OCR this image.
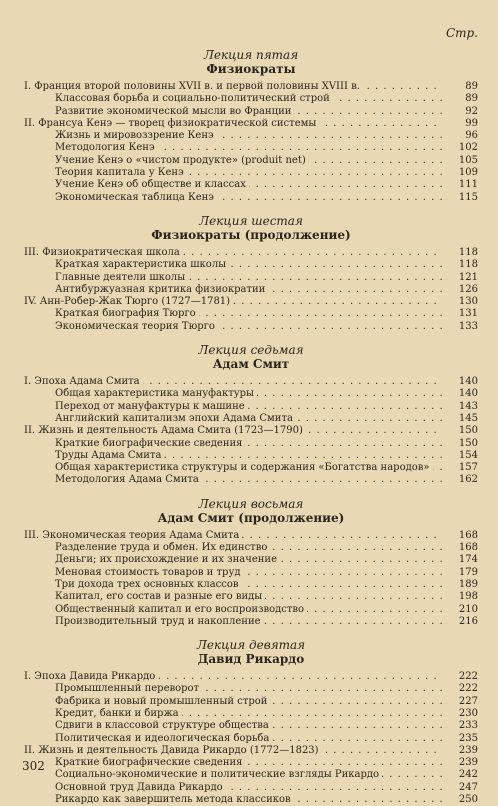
Стр.
Лекция пятая
Физиократы
I. Франция второй половины XVII в. и первой половины XVIII в. . . .	89
Классовая борьба и социально-политический строй . . .	89
Развитие экономической мысли во Франции . . .	92
II. Франсуа Кенэ — творец физиократической системы . . .	99
Жизнь и мировоззрение Кенэ . . .	96
Методология Кенэ . . .	102
Учение Кенэ о «чистом продукте» (produit net) . . .	105
Теория капитала у Кенэ . . .	109
Учение Кенэ об обществе и классах . . .	111
Экономическая таблица Кенэ . . .	115
Лекция шестая
Физиократы (продолжение)
III. Физиократическая школа . . .	118
Краткая характеристика школы . . .	118
Главные деятели школы . . .	121
Антибуржуазная критика физиократии . . .	126
IV. Анн-Робер-Жак Тюрго (1727—1781) . . .	130
Краткая биография Тюрго . . .	131
Экономическая теория Тюрго . . .	133
Лекция седьмая
Адам Смит
I. Эпоха Адама Смита . . .	140
Общая характеристика мануфактуры . . .	140
Переход от мануфактуры к машине . . .	143
Английский капитализм эпохи Адама Смита . . .	145
II. Жизнь и деятельность Адама Смита (1723—1790) . . .	150
Краткие биографические сведения . . .	150
Труды Адама Смита . . .	154
Общая характеристика структуры и содержания «Богатства народов» . . .	157
Методология Адама Смита . . .	162
Лекция восьмая
Адам Смит (продолжение)
III. Экономическая теория Адама Смита . . .	168
Разделение труда и обмен. Их единство . . .	168
Деньги; их происхождение и их значение . . .	174
Меновая стоимость товаров и труд . . .	179
Три дохода трех основных классов . . .	189
Капитал, его состав и разные его виды . . .	198
Общественный капитал и его воспроизводство . . .	210
Производительный труд и накопление . . .	216
Лекция девятая
Давид Рикардо
I. Эпоха Давида Рикардо . . .	222
Промышленный переворот . . .	222
Фабрика и новый промышленный строй . . .	227
Кредит, банки и биржа . . .	230
Сдвиги в классовой структуре общества . . .	233
Политическая и идеологическая борьба . . .	235
II. Жизнь и деятельность Давида Рикардо (1772—1823) . . .	239
Краткие биографические сведения . . .	239
Социально-экономические и политические взгляды Рикардо . . .	242
Основной труд Давида Рикардо . . .	247
Рикардо как завершитель метода классиков . . .	250
302
